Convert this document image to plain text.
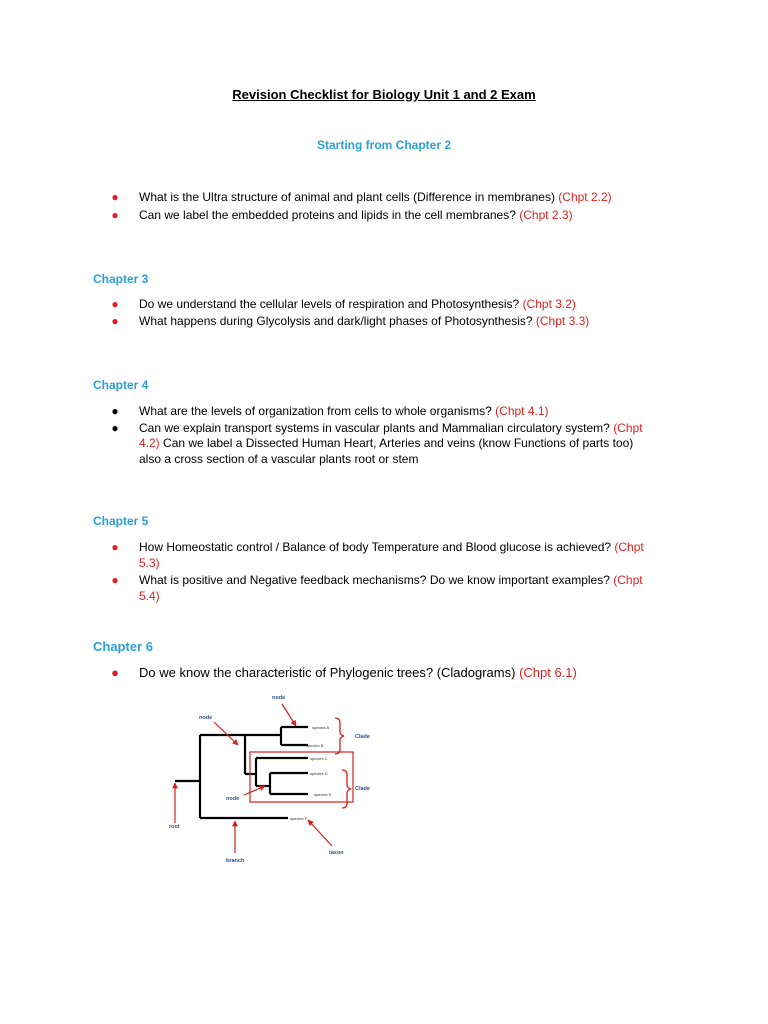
Revision Checklist for Biology Unit 1 and 2 Exam
Starting from Chapter 2
● What is the Ultra structure of animal and plant cells (Difference in membranes) (Chpt 2.2)
● Can we label the embedded proteins and lipids in the cell membranes? (Chpt 2.3)
Chapter 3
● Do we understand the cellular levels of respiration and Photosynthesis? (Chpt 3.2)
● What happens during Glycolysis and dark/light phases of Photosynthesis? (Chpt 3.3)
Chapter 4
● What are the levels of organization from cells to whole organisms? (Chpt 4.1)
● Can we explain transport systems in vascular plants and Mammalian circulatory system? (Chpt 4.2) Can we label a Dissected Human Heart, Arteries and veins (know Functions of parts too) also a cross section of a vascular plants root or stem
Chapter 5
● How Homeostatic control / Balance of body Temperature and Blood glucose is achieved? (Chpt 5.3)
● What is positive and Negative feedback mechanisms? Do we know important examples? (Chpt 5.4)
Chapter 6
● Do we know the characteristic of Phylogenic trees? (Cladograms) (Chpt 6.1)
node
node
node
Clade
Clade
root
branch
taxon
species A
species B
species C
species D
species E
species F
